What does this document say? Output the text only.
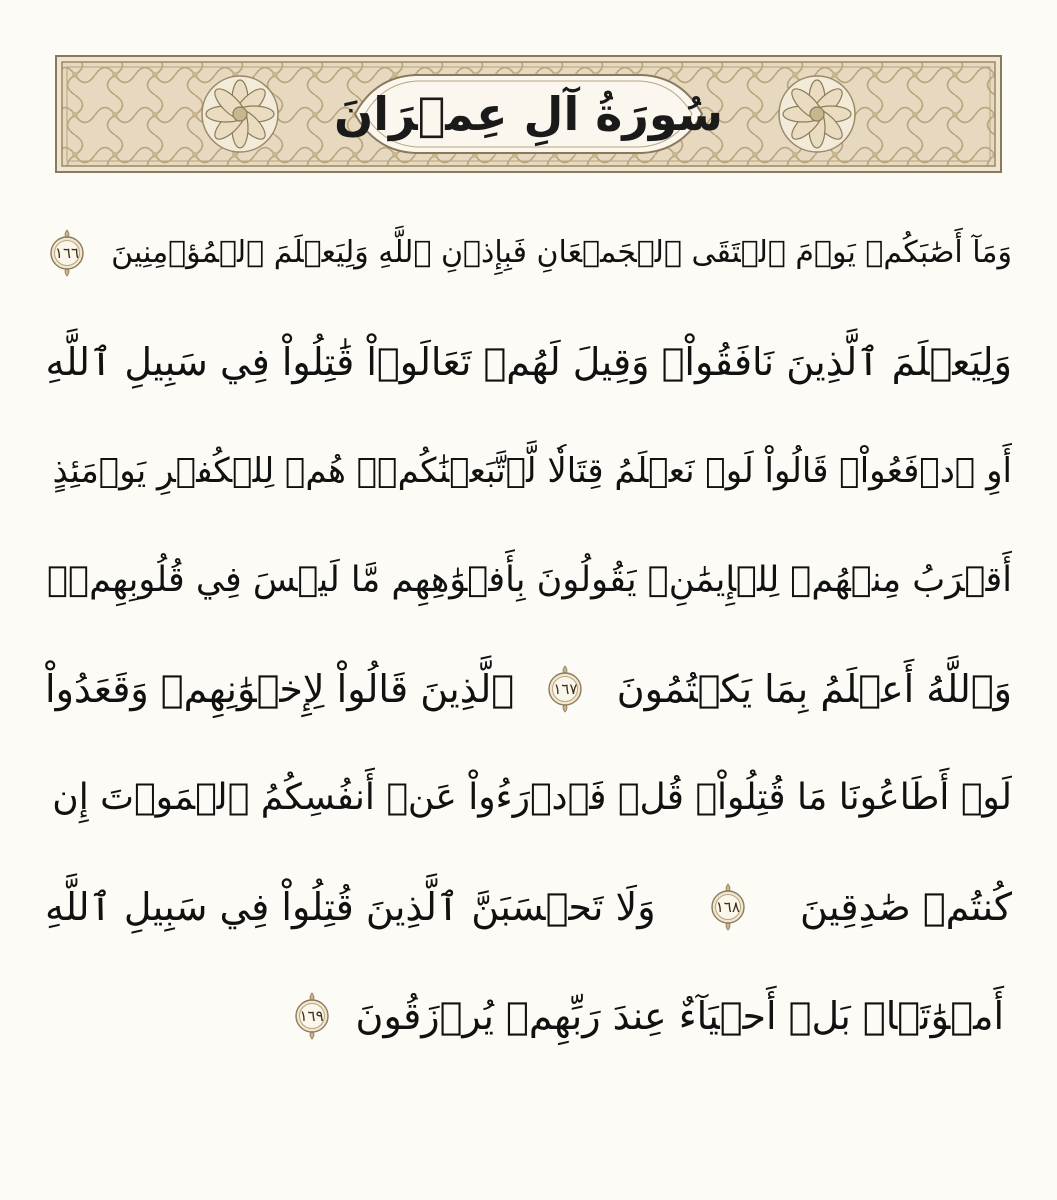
سُورَةُ آلِ عِمۡرَانَ
وَمَآ أَصَٰبَكُمۡ يَوۡمَ ٱلۡتَقَى ٱلۡجَمۡعَانِ فَبِإِذۡنِ ٱللَّهِ وَلِيَعۡلَمَ ٱلۡمُؤۡمِنِينَ
١٦٦
وَلِيَعۡلَمَ ٱلَّذِينَ نَافَقُواْۚ وَقِيلَ لَهُمۡ تَعَالَوۡاْ قَٰتِلُواْ فِي سَبِيلِ ٱللَّهِ
أَوِ ٱدۡفَعُواْۖ قَالُواْ لَوۡ نَعۡلَمُ قِتَالٗا لَّٱتَّبَعۡنَٰكُمۡۗ هُمۡ لِلۡكُفۡرِ يَوۡمَئِذٍ
أَقۡرَبُ مِنۡهُمۡ لِلۡإِيمَٰنِۚ يَقُولُونَ بِأَفۡوَٰهِهِم مَّا لَيۡسَ فِي قُلُوبِهِمۡۚ
وَٱللَّهُ أَعۡلَمُ بِمَا يَكۡتُمُونَ
١٦٧
ٱلَّذِينَ قَالُواْ لِإِخۡوَٰنِهِمۡ وَقَعَدُواْ
لَوۡ أَطَاعُونَا مَا قُتِلُواْۗ قُلۡ فَٱدۡرَءُواْ عَنۡ أَنفُسِكُمُ ٱلۡمَوۡتَ إِن
كُنتُمۡ صَٰدِقِينَ
١٦٨
وَلَا تَحۡسَبَنَّ ٱلَّذِينَ قُتِلُواْ فِي سَبِيلِ ٱللَّهِ
أَمۡوَٰتَۢاۚ بَلۡ أَحۡيَآءٌ عِندَ رَبِّهِمۡ يُرۡزَقُونَ
١٦٩
